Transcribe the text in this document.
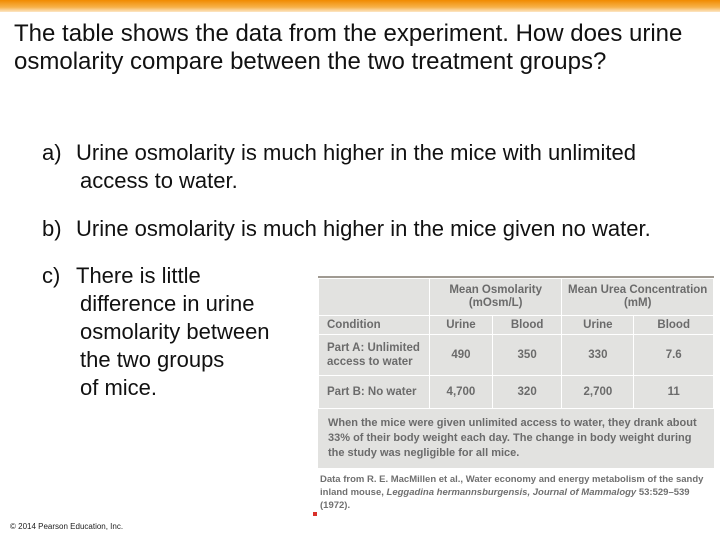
The table shows the data from the experiment. How does urine osmolarity compare between the two treatment groups?

a) Urine osmolarity is much higher in the mice with unlimited
access to water.
b) Urine osmolarity is much higher in the mice given no water.
c) There is little
difference in urine
osmolarity between
the two groups
of mice.
	Mean Osmolarity (mOsm/L)		Mean Urea Concentration (mM)	
Condition	Urine	Blood	Urine	Blood
Part A: Unlimited
access to water	490	350	330	7.6
Part B: No water	4,700	320	2,700	11
When the mice were given unlimited access to water, they drank about 33% of their body weight each day. The change in body weight during the study was negligible for all mice.
Data from R. E. MacMillen et al., Water economy and energy metabolism of the sandy inland mouse, Leggadina hermannsburgensis, Journal of Mammalogy 53:529–539 (1972).
© 2014 Pearson Education, Inc.
